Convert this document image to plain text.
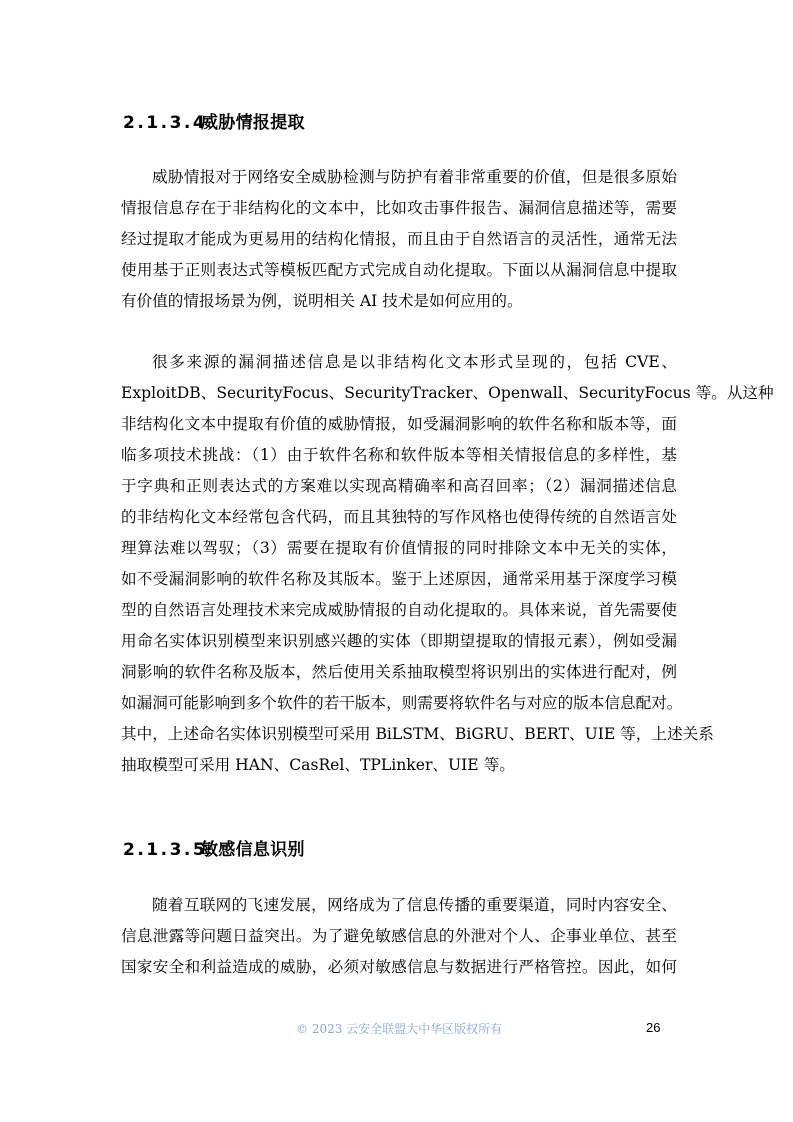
2.1.3.4威胁情报提取
威胁情报对于网络安全威胁检测与防护有着非常重要的价值，但是很多原始
情报信息存在于非结构化的文本中，比如攻击事件报告、漏洞信息描述等，需要
经过提取才能成为更易用的结构化情报，而且由于自然语言的灵活性，通常无法
使用基于正则表达式等模板匹配方式完成自动化提取。下面以从漏洞信息中提取
有价值的情报场景为例，说明相关 AI 技术是如何应用的。
很多来源的漏洞描述信息是以非结构化文本形式呈现的，包括 CVE、
ExploitDB、SecurityFocus、SecurityTracker、Openwall、SecurityFocus 等。从这种
非结构化文本中提取有价值的威胁情报，如受漏洞影响的软件名称和版本等，面
临多项技术挑战：（1）由于软件名称和软件版本等相关情报信息的多样性，基
于字典和正则表达式的方案难以实现高精确率和高召回率；（2）漏洞描述信息
的非结构化文本经常包含代码，而且其独特的写作风格也使得传统的自然语言处
理算法难以驾驭；（3）需要在提取有价值情报的同时排除文本中无关的实体，
如不受漏洞影响的软件名称及其版本。鉴于上述原因，通常采用基于深度学习模
型的自然语言处理技术来完成威胁情报的自动化提取的。具体来说，首先需要使
用命名实体识别模型来识别感兴趣的实体（即期望提取的情报元素），例如受漏
洞影响的软件名称及版本，然后使用关系抽取模型将识别出的实体进行配对，例
如漏洞可能影响到多个软件的若干版本，则需要将软件名与对应的版本信息配对。
其中，上述命名实体识别模型可采用 BiLSTM、BiGRU、BERT、UIE 等，上述关系
抽取模型可采用 HAN、CasRel、TPLinker、UIE 等。
2.1.3.5敏感信息识别
随着互联网的飞速发展，网络成为了信息传播的重要渠道，同时内容安全、
信息泄露等问题日益突出。为了避免敏感信息的外泄对个人、企事业单位、甚至
国家安全和利益造成的威胁，必须对敏感信息与数据进行严格管控。因此，如何
© 2023 云安全联盟大中华区版权所有	26
